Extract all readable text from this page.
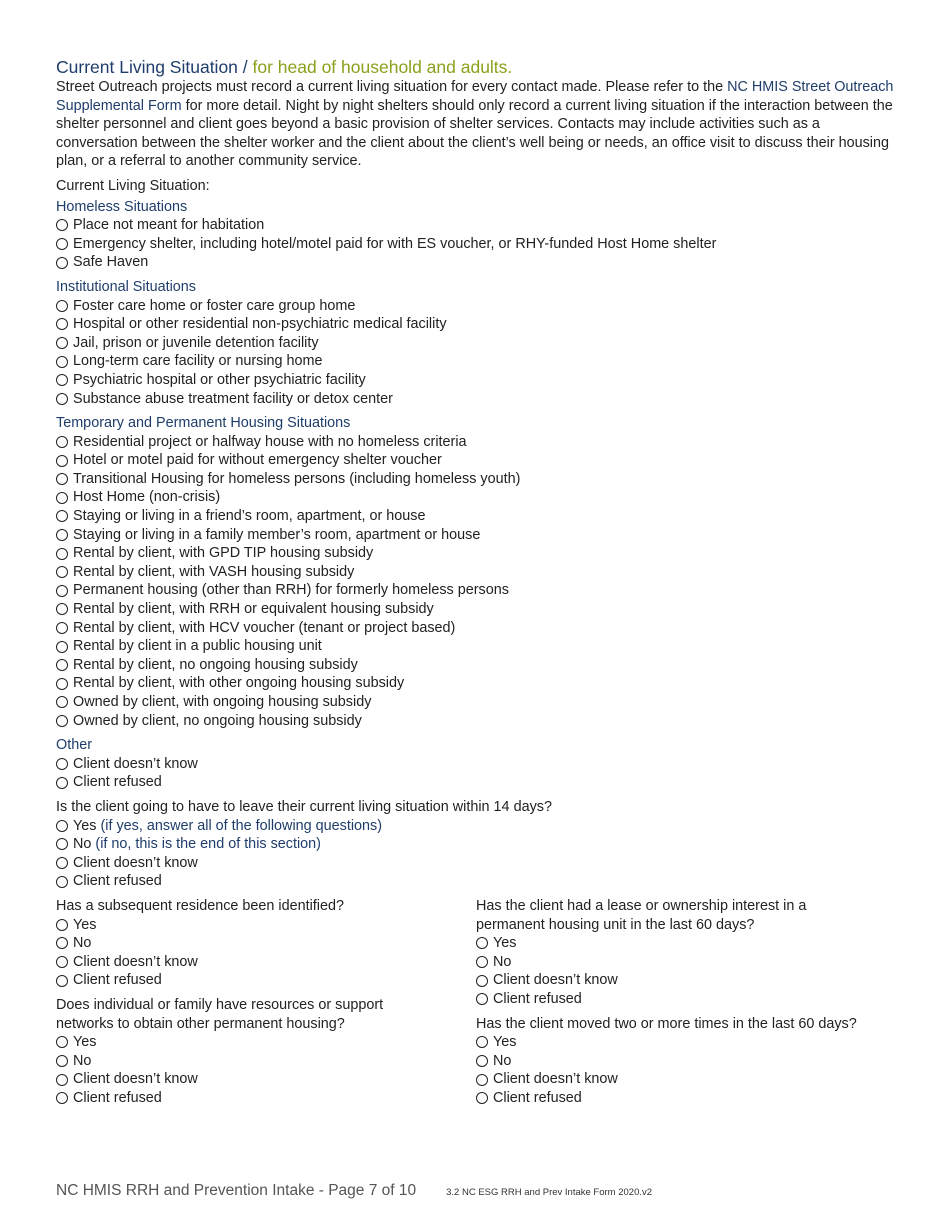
Current Living Situation / for head of household and adults.

Street Outreach projects must record a current living situation for every contact made. Please refer to the NC HMIS Street Outreach Supplemental Form for more detail. Night by night shelters should only record a current living situation if the interaction between the shelter personnel and client goes beyond a basic provision of shelter services. Contacts may include activities such as a conversation between the shelter worker and the client about the client’s well being or needs, an office visit to discuss their housing plan, or a referral to another community service.

Current Living Situation:

Homeless Situations

Place not meant for habitation
Emergency shelter, including hotel/motel paid for with ES voucher, or RHY-funded Host Home shelter
Safe Haven

Institutional Situations

Foster care home or foster care group home
Hospital or other residential non-psychiatric medical facility
Jail, prison or juvenile detention facility
Long-term care facility or nursing home
Psychiatric hospital or other psychiatric facility
Substance abuse treatment facility or detox center

Temporary and Permanent Housing Situations

Residential project or halfway house with no homeless criteria
Hotel or motel paid for without emergency shelter voucher
Transitional Housing for homeless persons (including homeless youth)
Host Home (non-crisis)
Staying or living in a friend’s room, apartment, or house
Staying or living in a family member’s room, apartment or house
Rental by client, with GPD TIP housing subsidy
Rental by client, with VASH housing subsidy
Permanent housing (other than RRH) for formerly homeless persons
Rental by client, with RRH or equivalent housing subsidy
Rental by client, with HCV voucher (tenant or project based)
Rental by client in a public housing unit
Rental by client, no ongoing housing subsidy
Rental by client, with other ongoing housing subsidy
Owned by client, with ongoing housing subsidy
Owned by client, no ongoing housing subsidy

Other

Client doesn’t know
Client refused

Is the client going to have to leave their current living situation within 14 days?

Yes (if yes, answer all of the following questions)
No (if no, this is the end of this section)
Client doesn’t know
Client refused

Has a subsequent residence been identified?

Yes
No
Client doesn’t know
Client refused

Does individual or family have resources or support
networks to obtain other permanent housing?

Yes
No
Client doesn’t know
Client refused

Has the client had a lease or ownership interest in a
permanent housing unit in the last 60 days?

Yes
No
Client doesn’t know
Client refused

Has the client moved two or more times in the last 60 days?

Yes
No
Client doesn’t know
Client refused
NC HMIS RRH and Prevention Intake - Page 7 of 10	3.2 NC ESG RRH and Prev Intake Form 2020.v2
